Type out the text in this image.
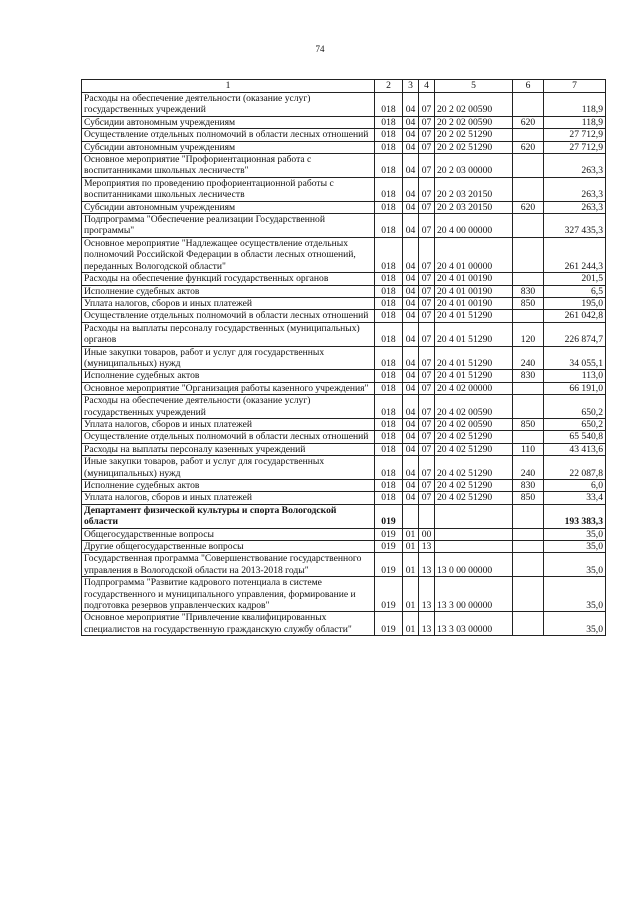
74
1	2	3	4	5	6	7
Расходы на обеспечение деятельности (оказание услуг) государственных учреждений	018	04	07	20 2 02 00590		118,9
Субсидии автономным учреждениям	018	04	07	20 2 02 00590	620	118,9
Осуществление отдельных полномочий в области лесных отношений	018	04	07	20 2 02 51290		27 712,9
Субсидии автономным учреждениям	018	04	07	20 2 02 51290	620	27 712,9
Основное мероприятие "Профориентационная работа с воспитанниками школьных лесничеств"	018	04	07	20 2 03 00000		263,3
Мероприятия по проведению профориентационной работы с воспитанниками школьных лесничеств	018	04	07	20 2 03 20150		263,3
Субсидии автономным учреждениям	018	04	07	20 2 03 20150	620	263,3
Подпрограмма "Обеспечение реализации Государственной программы"	018	04	07	20 4 00 00000		327 435,3
Основное мероприятие "Надлежащее осуществление отдельных полномочий Российской Федерации в области лесных отношений, переданных Вологодской области"	018	04	07	20 4 01 00000		261 244,3
Расходы на обеспечение функций государственных органов	018	04	07	20 4 01 00190		201,5
Исполнение судебных актов	018	04	07	20 4 01 00190	830	6,5
Уплата налогов, сборов и иных платежей	018	04	07	20 4 01 00190	850	195,0
Осуществление отдельных полномочий в области лесных отношений	018	04	07	20 4 01 51290		261 042,8
Расходы на выплаты персоналу государственных (муниципальных) органов	018	04	07	20 4 01 51290	120	226 874,7
Иные закупки товаров, работ и услуг для государственных (муниципальных) нужд	018	04	07	20 4 01 51290	240	34 055,1
Исполнение судебных актов	018	04	07	20 4 01 51290	830	113,0
Основное мероприятие "Организация работы казенного учреждения"	018	04	07	20 4 02 00000		66 191,0
Расходы на обеспечение деятельности (оказание услуг) государственных учреждений	018	04	07	20 4 02 00590		650,2
Уплата налогов, сборов и иных платежей	018	04	07	20 4 02 00590	850	650,2
Осуществление отдельных полномочий в области лесных отношений	018	04	07	20 4 02 51290		65 540,8
Расходы на выплаты персоналу казенных учреждений	018	04	07	20 4 02 51290	110	43 413,6
Иные закупки товаров, работ и услуг для государственных (муниципальных) нужд	018	04	07	20 4 02 51290	240	22 087,8
Исполнение судебных актов	018	04	07	20 4 02 51290	830	6,0
Уплата налогов, сборов и иных платежей	018	04	07	20 4 02 51290	850	33,4
Департамент физической культуры и спорта Вологодской области	019					193 383,3
Общегосударственные вопросы	019	01	00			35,0
Другие общегосударственные вопросы	019	01	13			35,0
Государственная программа "Совершенствование государственного управления в Вологодской области на 2013-2018 годы"	019	01	13	13 0 00 00000		35,0
Подпрограмма "Развитие кадрового потенциала в системе государственного и муниципального управления, формирование и подготовка резервов управленческих кадров"	019	01	13	13 3 00 00000		35,0
Основное мероприятие "Привлечение квалифицированных специалистов на государственную гражданскую службу области"	019	01	13	13 3 03 00000		35,0
